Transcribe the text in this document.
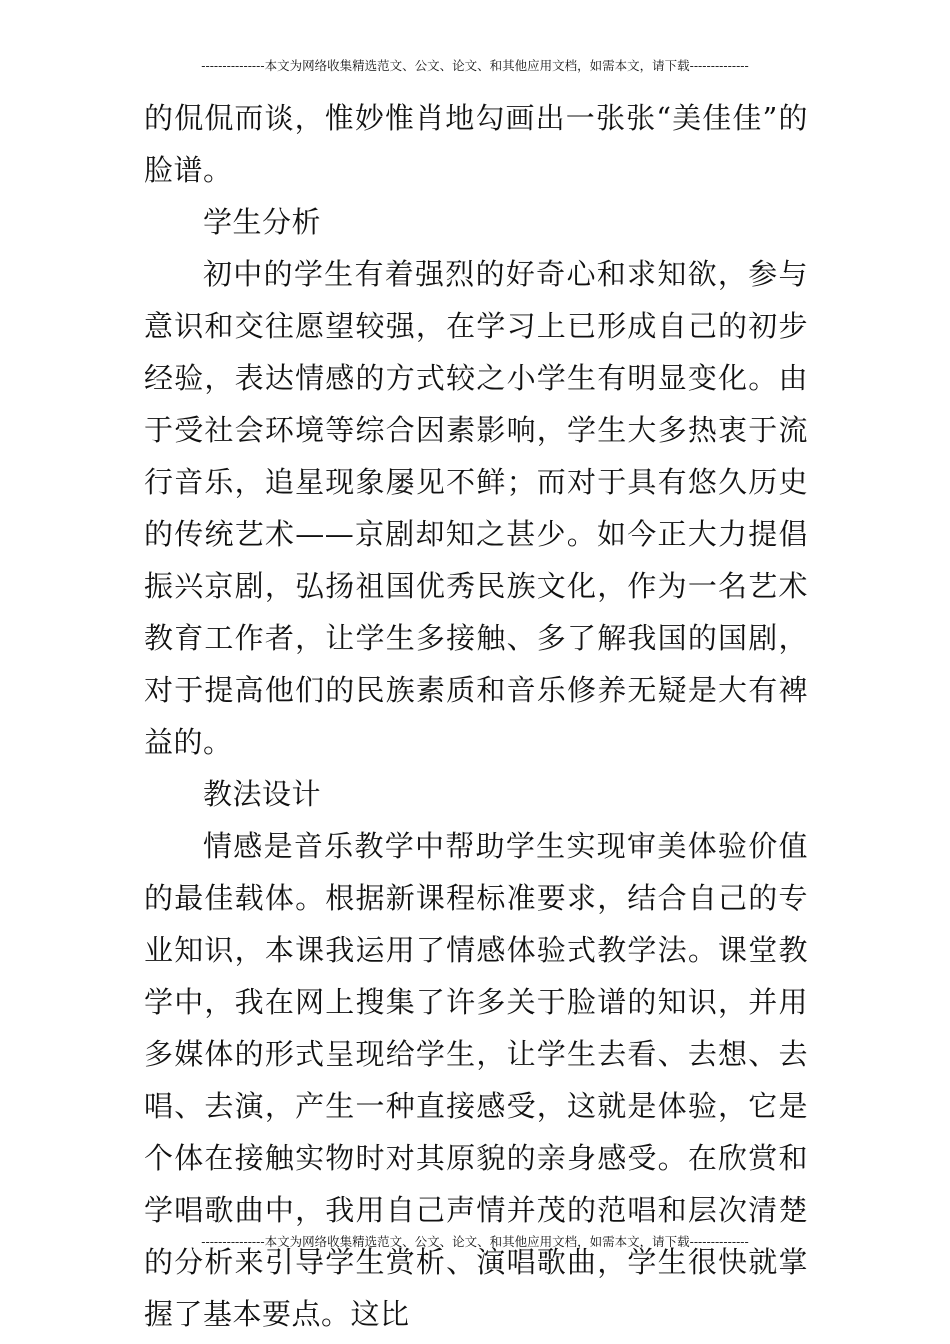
---------------本文为网络收集精选范文、公文、论文、和其他应用文档，如需本文，请下载--------------

的侃侃而谈，惟妙惟肖地勾画出一张张“美佳佳”的脸谱。

学生分析

初中的学生有着强烈的好奇心和求知欲，参与意识和交往愿望较强，在学习上已形成自己的初步经验，表达情感的方式较之小学生有明显变化。由于受社会环境等综合因素影响，学生大多热衷于流行音乐，追星现象屡见不鲜；而对于具有悠久历史的传统艺术——京剧却知之甚少。如今正大力提倡振兴京剧，弘扬祖国优秀民族文化，作为一名艺术教育工作者，让学生多接触、多了解我国的国剧，对于提高他们的民族素质和音乐修养无疑是大有裨益的。

教法设计

情感是音乐教学中帮助学生实现审美体验价值的最佳载体。根据新课程标准要求，结合自己的专业知识，本课我运用了情感体验式教学法。课堂教学中，我在网上搜集了许多关于脸谱的知识，并用多媒体的形式呈现给学生，让学生去看、去想、去唱、去演，产生一种直接感受，这就是体验，它是个体在接触实物时对其原貌的亲身感受。在欣赏和学唱歌曲中，我用自己声情并茂的范唱和层次清楚的分析来引导学生赏析、演唱歌曲，学生很快就掌握了基本要点。这比

---------------本文为网络收集精选范文、公文、论文、和其他应用文档，如需本文，请下载--------------
